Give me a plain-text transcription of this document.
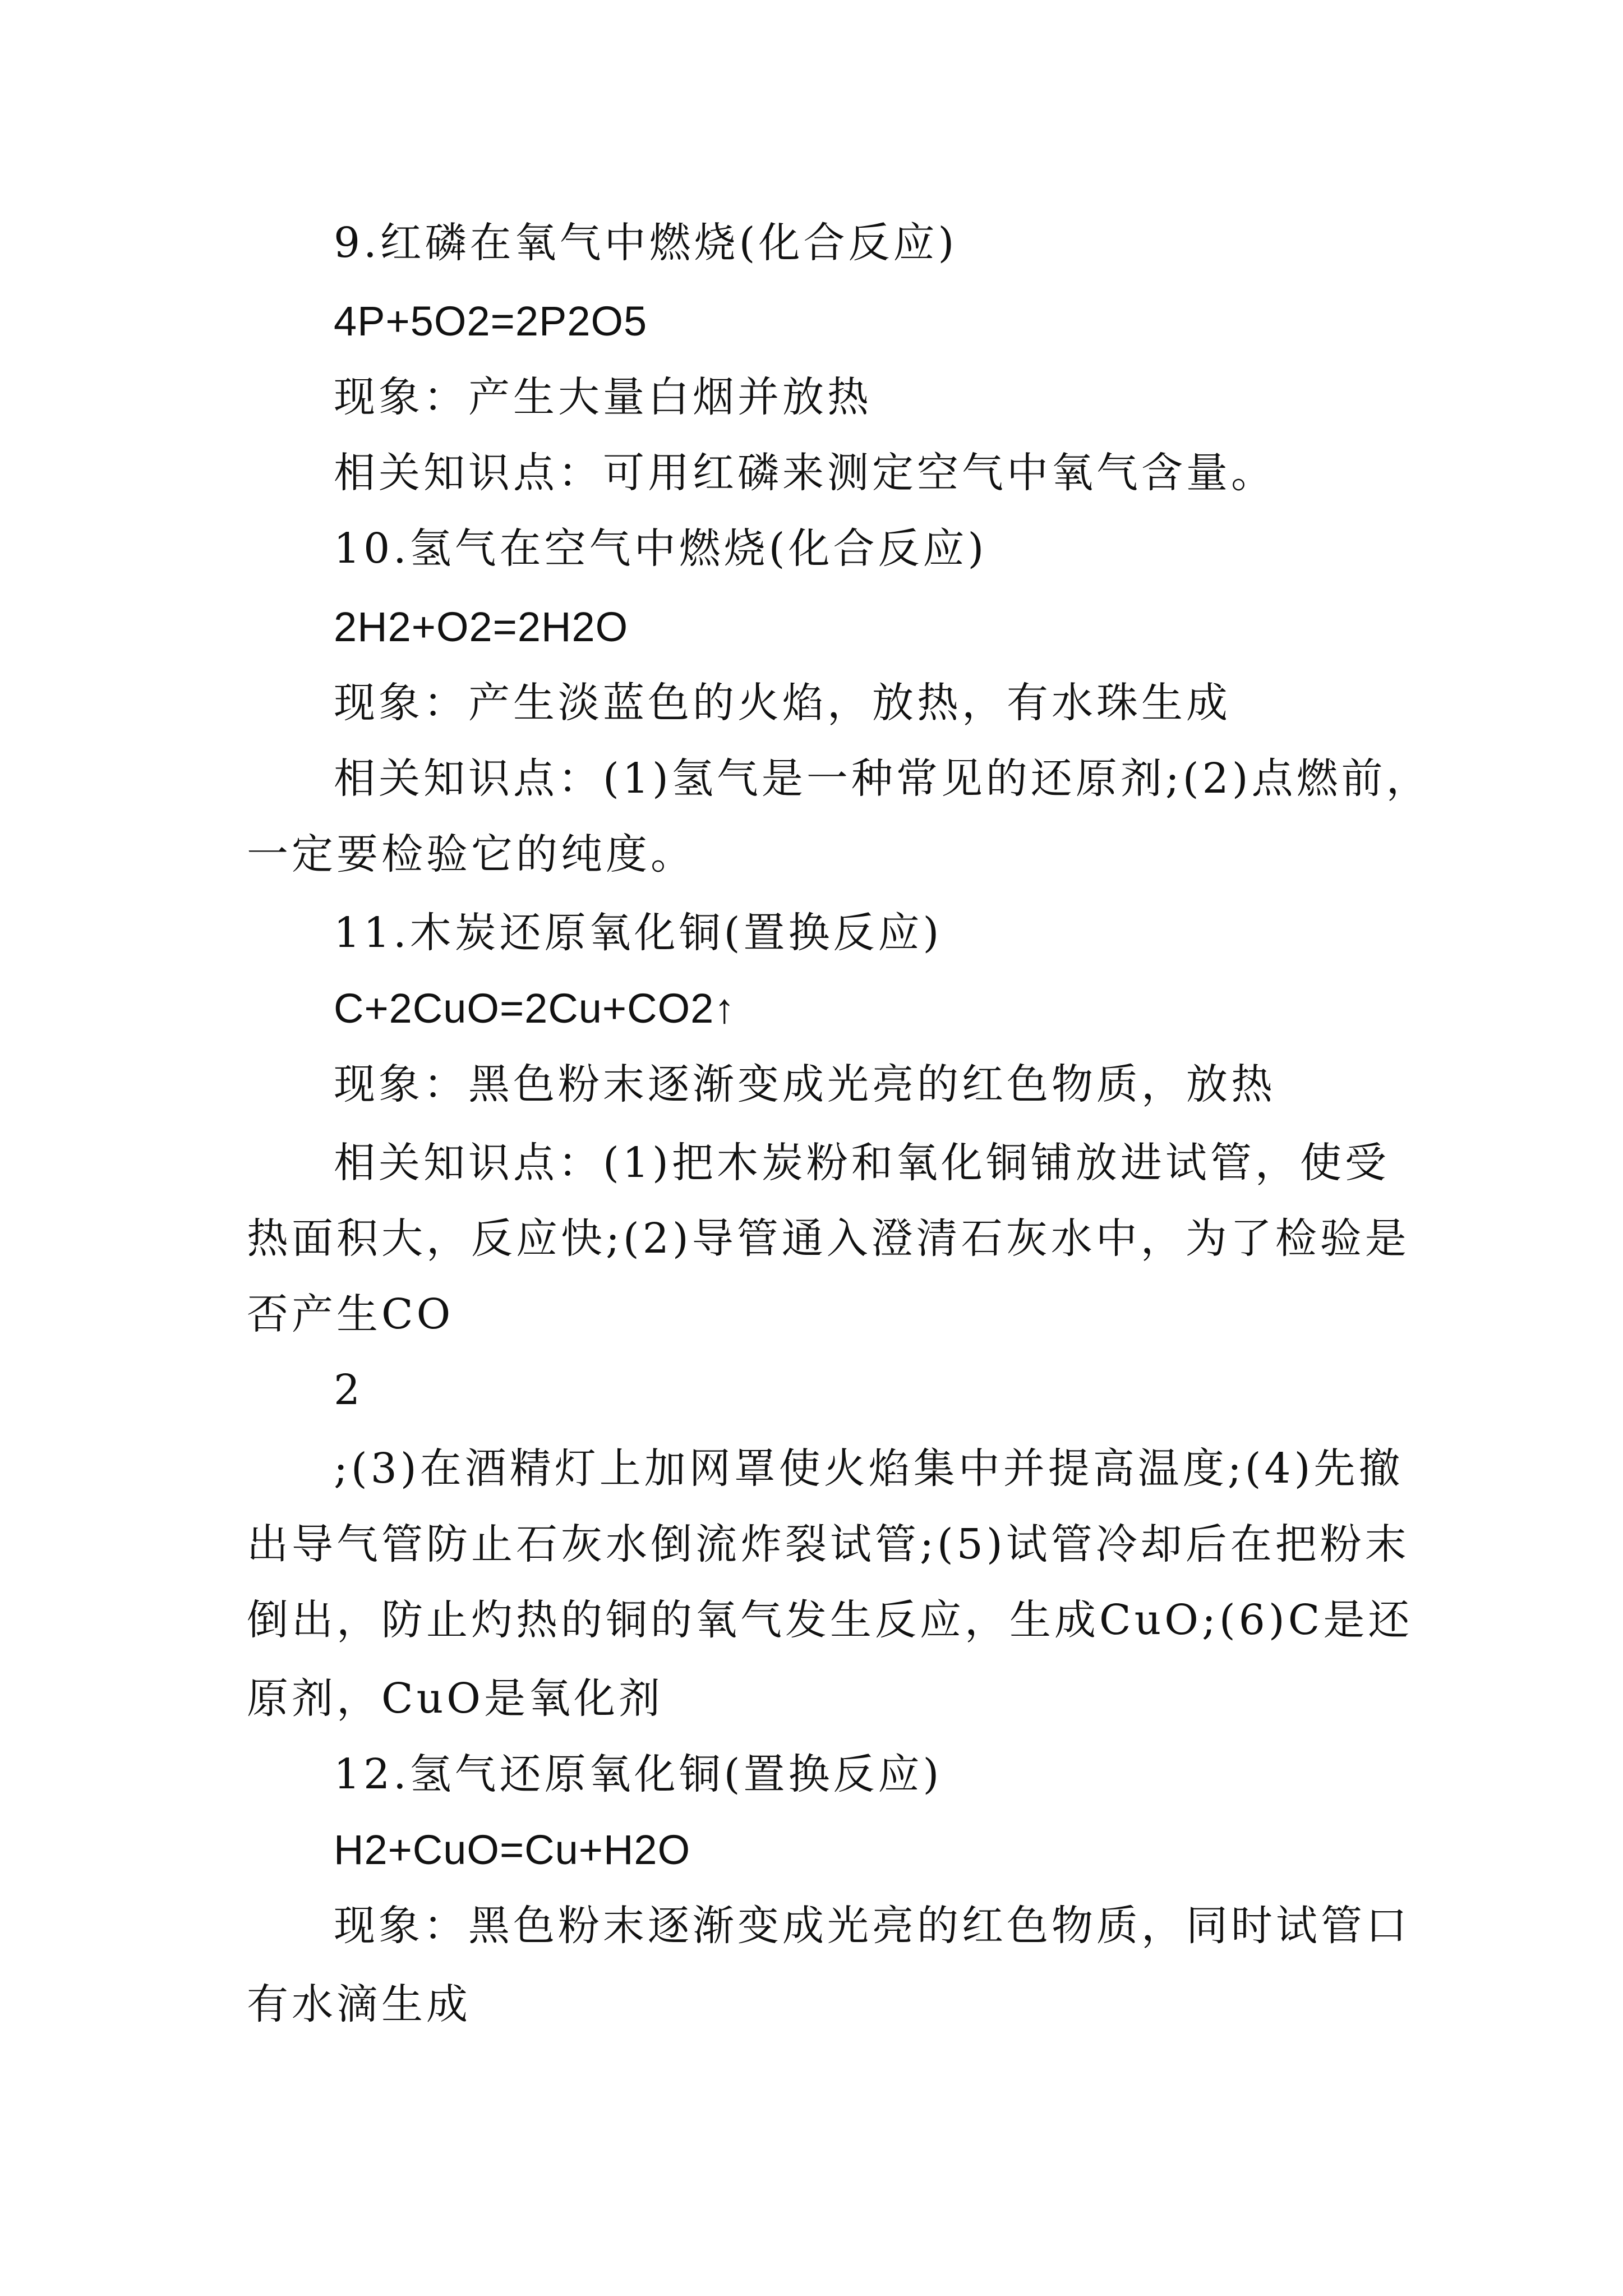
9.红磷在氧气中燃烧(化合反应)
4P+5O2=2P2O5
现象：产生大量白烟并放热
相关知识点：可用红磷来测定空气中氧气含量。
10.氢气在空气中燃烧(化合反应)
2H2+O2=2H2O
现象：产生淡蓝色的火焰，放热，有水珠生成
相关知识点：(1)氢气是一种常见的还原剂;(2)点燃前，
一定要检验它的纯度。
11.木炭还原氧化铜(置换反应)
C+2CuO=2Cu+CO2↑
现象：黑色粉末逐渐变成光亮的红色物质，放热
相关知识点：(1)把木炭粉和氧化铜铺放进试管，使受
热面积大，反应快;(2)导管通入澄清石灰水中，为了检验是
否产生CO
2
;(3)在酒精灯上加网罩使火焰集中并提高温度;(4)先撤
出导气管防止石灰水倒流炸裂试管;(5)试管冷却后在把粉末
倒出，防止灼热的铜的氧气发生反应，生成CuO;(6)C是还
原剂，CuO是氧化剂
12.氢气还原氧化铜(置换反应)
H2+CuO=Cu+H2O
现象：黑色粉末逐渐变成光亮的红色物质，同时试管口
有水滴生成
